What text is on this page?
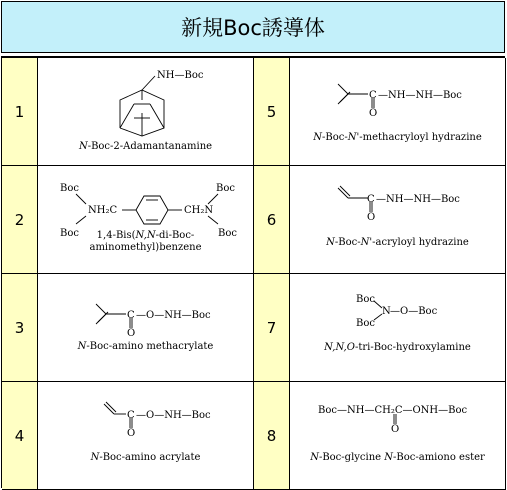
新規Boc誘導体
1
NH—Boc
N-Boc-2-Adamantanamine
5
C
O
—NH—NH—Boc
N-Boc-N'-methacryloyl hydrazine
2
Boc
Boc
NH₂C	CH₂N
Boc
Boc
1,4-Bis(N,N-di-Boc-
aminomethyl)benzene
6
C
O
—NH—NH—Boc
N-Boc-N'-acryloyl hydrazine
3
C
O
—O—NH—Boc
N-Boc-amino methacrylate
7
Boc
Boc
N —O—Boc
N,N,O-tri-Boc-hydroxylamine
4
C
O
—O—NH—Boc
N-Boc-amino acrylate
8
Boc—NH—CH₂C—ONH—Boc
O
N-Boc-glycine N-Boc-amiono ester
